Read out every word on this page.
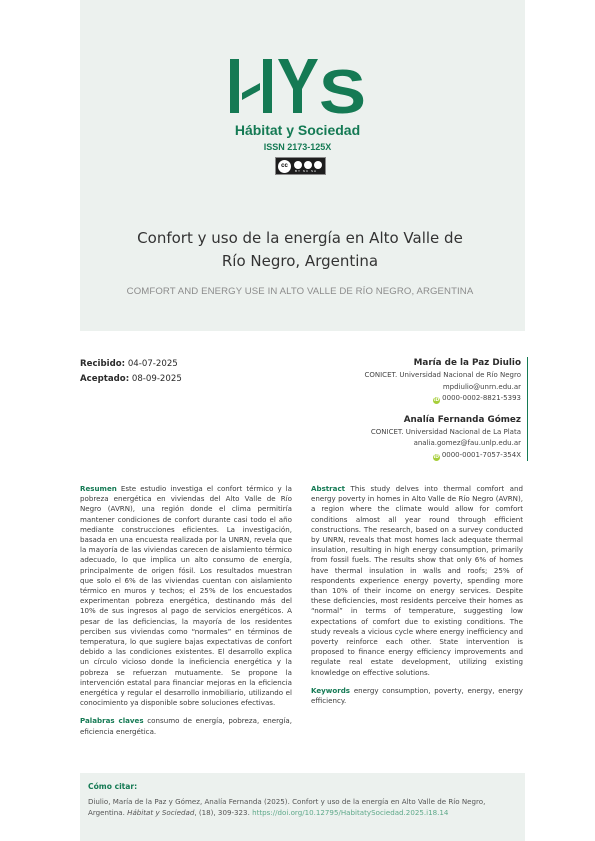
S
Hábitat y Sociedad
ISSN 2173-125X
cc
BY NC SA
Confort y uso de la energía en Alto Valle de
Río Negro, Argentina
COMFORT AND ENERGY USE IN ALTO VALLE DE RÍO NEGRO, ARGENTINA
Recibido: 04-07-2025
Aceptado: 08-09-2025
María de la Paz Diulio
CONICET. Universidad Nacional de Río Negro
mpdiulio@unrn.edu.ar
iD 0000-0002-8821-5393
Analía Fernanda Gómez
CONICET. Universidad Nacional de La Plata
analia.gomez@fau.unlp.edu.ar
iD 0000-0001-7057-354X

Resumen Este estudio investiga el confort térmico y la pobreza energética en viviendas del Alto Valle de Río Negro (AVRN), una región donde el clima permitiría mantener condiciones de confort durante casi todo el año mediante construcciones eficientes. La investigación, basada en una encuesta realizada por la UNRN, revela que la mayoría de las viviendas carecen de aislamiento térmico adecuado, lo que implica un alto consumo de energía, principalmente de origen fósil. Los resultados muestran que solo el 6% de las viviendas cuentan con aislamiento térmico en muros y techos; el 25% de los encuestados experimentan pobreza energética, destinando más del 10% de sus ingresos al pago de servicios energéticos. A pesar de las deficiencias, la mayoría de los residentes perciben sus viviendas como “normales” en términos de temperatura, lo que sugiere bajas expectativas de confort debido a las condiciones existentes. El desarrollo explica un círculo vicioso donde la ineficiencia energética y la pobreza se refuerzan mutuamente. Se propone la intervención estatal para financiar mejoras en la eficiencia energética y regular el desarrollo inmobiliario, utilizando el conocimiento ya disponible sobre soluciones efectivas.

Palabras claves consumo de energía, pobreza, energía, eficiencia energética.

Abstract This study delves into thermal comfort and energy poverty in homes in Alto Valle de Río Negro (AVRN), a region where the climate would allow for comfort conditions almost all year round through efficient constructions. The research, based on a survey conducted by UNRN, reveals that most homes lack adequate thermal insulation, resulting in high energy consumption, primarily from fossil fuels. The results show that only 6% of homes have thermal insulation in walls and roofs; 25% of respondents experience energy poverty, spending more than 10% of their income on energy services. Despite these deficiencies, most residents perceive their homes as “normal” in terms of temperature, suggesting low expectations of comfort due to existing conditions. The study reveals a vicious cycle where energy inefficiency and poverty reinforce each other. State intervention is proposed to finance energy efficiency improvements and regulate real estate development, utilizing existing knowledge on effective solutions.

Keywords energy consumption, poverty, energy, energy efficiency.

Cómo citar:
Diulio, María de la Paz y Gómez, Analía Fernanda (2025). Confort y uso de la energía en Alto Valle de Río Negro, Argentina. Hábitat y Sociedad, (18), 309-323. https://doi.org/10.12795/HabitatySociedad.2025.i18.14
